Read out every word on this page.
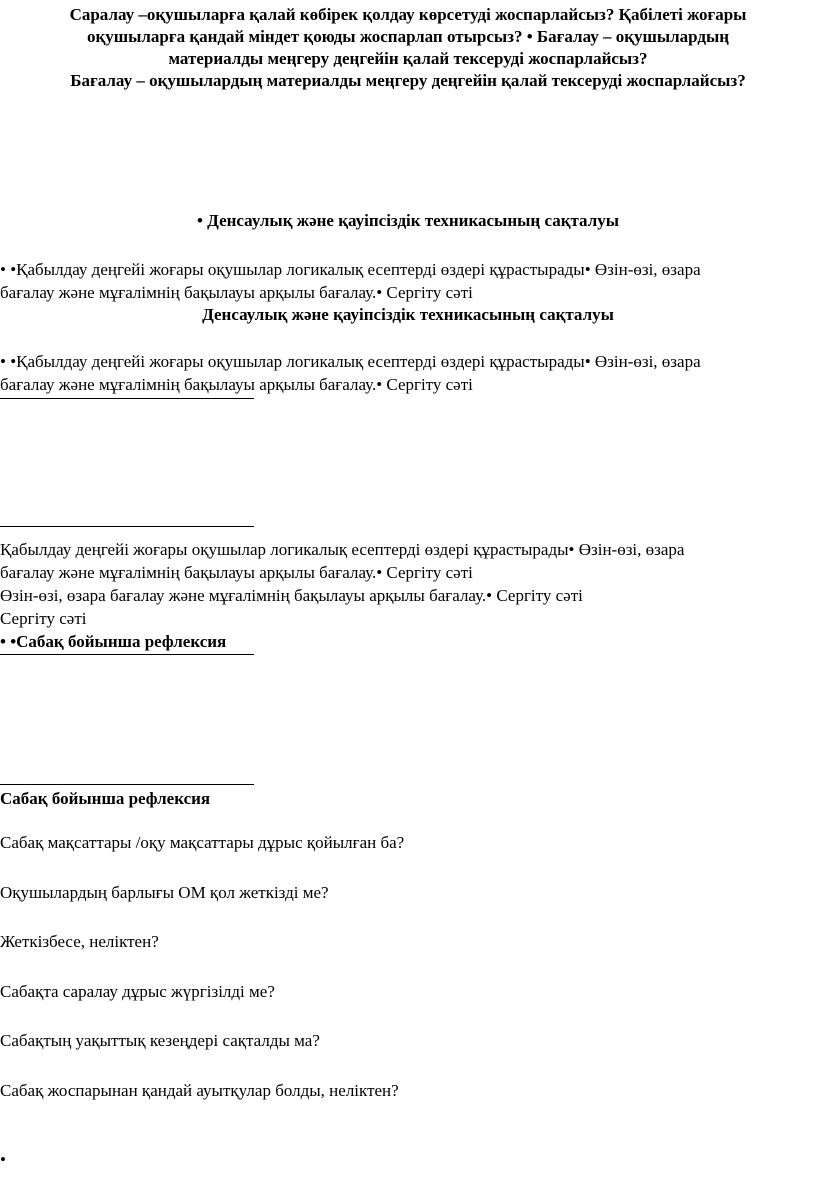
Саралау –оқушыларға қалай көбірек қолдау көрсетуді жоспарлайсыз? Қабілеті жоғары
оқушыларға қандай міндет қоюды жоспарлап отырсыз? • Бағалау – оқушылардың
материалды меңгеру деңгейін қалай тексеруді жоспарлайсыз?
Бағалау – оқушылардың материалды меңгеру деңгейін қалай тексеруді жоспарлайсыз?
• Денсаулық және қауіпсіздік техникасының сақталуы
• •Қабылдау деңгейі жоғары оқушылар логикалық есептерді өздері құрастырады• Өзін-өзі, өзара
бағалау және мұғалімнің бақылауы арқылы бағалау.• Сергіту сәті
Денсаулық және қауіпсіздік техникасының сақталуы
• •Қабылдау деңгейі жоғары оқушылар логикалық есептерді өздері құрастырады• Өзін-өзі, өзара
бағалау және мұғалімнің бақылауы арқылы бағалау.• Сергіту сәті
Қабылдау деңгейі жоғары оқушылар логикалық есептерді өздері құрастырады• Өзін-өзі, өзара
бағалау және мұғалімнің бақылауы арқылы бағалау.• Сергіту сәті
Өзін-өзі, өзара бағалау және мұғалімнің бақылауы арқылы бағалау.• Сергіту сәті
Сергіту сәті
• •Сабақ бойынша рефлексия
Сабақ бойынша рефлексия
Сабақ мақсаттары /оқу мақсаттары дұрыс қойылған ба?
Оқушылардың барлығы ОМ қол жеткізді ме?
Жеткізбесе, неліктен?
Сабақта саралау дұрыс жүргізілді ме?
Сабақтың уақыттық кезеңдері сақталды ма?
Сабақ жоспарынан қандай ауытқулар болды, неліктен?
•
